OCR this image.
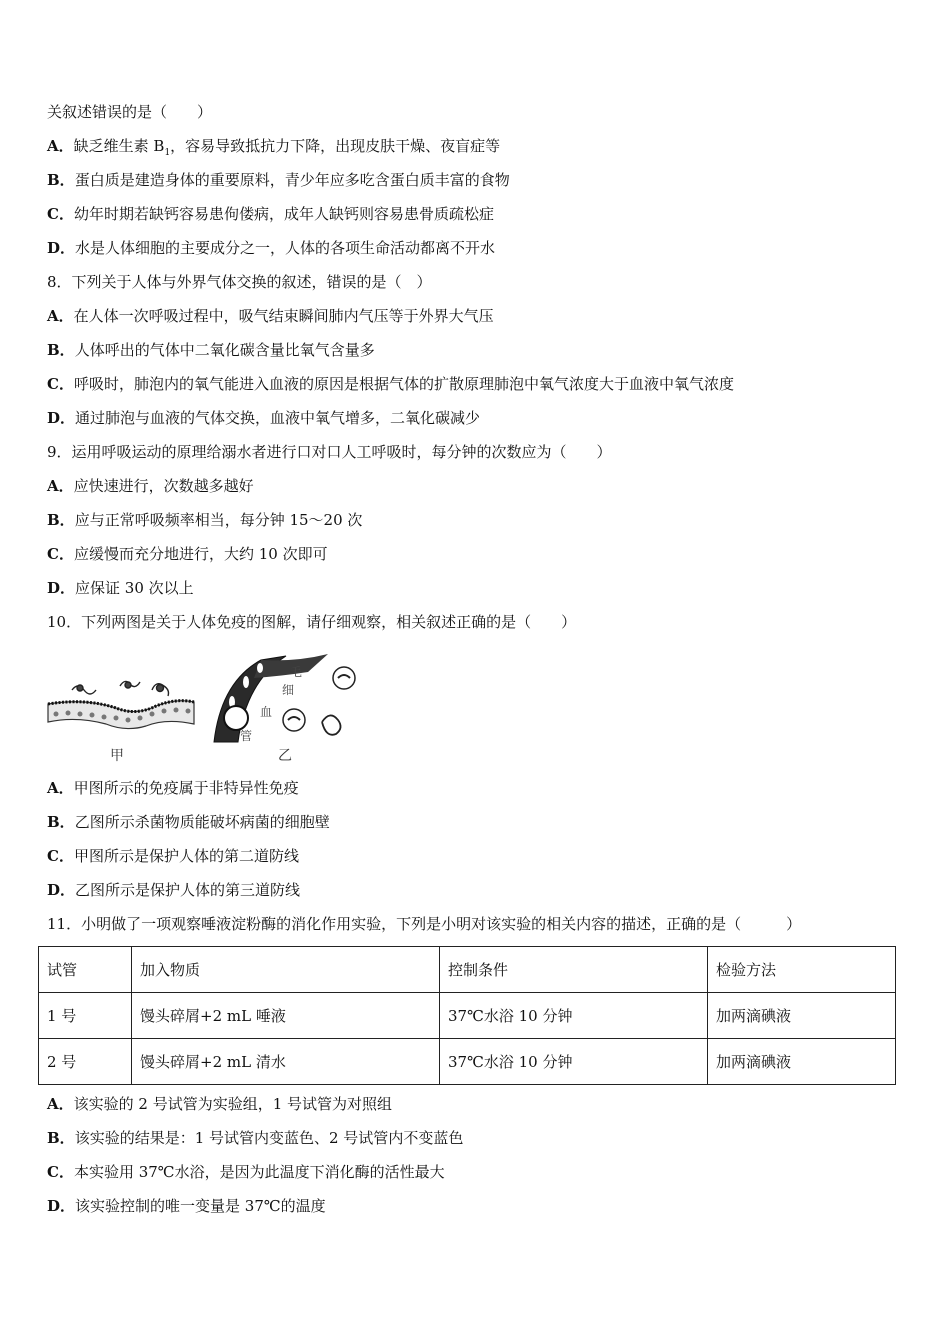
关叙述错误的是（　　）
A．缺乏维生素 $B_1$，容易导致抵抗力下降，出现皮肤干燥、夜盲症等
B．蛋白质是建造身体的重要原料，青少年应多吃含蛋白质丰富的食物
C．幼年时期若缺钙容易患佝偻病，成年人缺钙则容易患骨质疏松症
D．水是人体细胞的主要成分之一，人体的各项生命活动都离不开水
8．下列关于人体与外界气体交换的叙述，错误的是（　）
A．在人体一次呼吸过程中，吸气结束瞬间肺内气压等于外界大气压
B．人体呼出的气体中二氧化碳含量比氧气含量多
C．呼吸时，肺泡内的氧气能进入血液的原因是根据气体的扩散原理肺泡中氧气浓度大于血液中氧气浓度
D．通过肺泡与血液的气体交换，血液中氧气增多，二氧化碳减少
9．运用呼吸运动的原理给溺水者进行口对口人工呼吸时，每分钟的次数应为（　　）
A．应快速进行，次数越多越好
B．应与正常呼吸频率相当，每分钟 15～20 次
C．应缓慢而充分地进行，大约 10 次即可
D．应保证 30 次以上
10．下列两图是关于人体免疫的图解，请仔细观察，相关叙述正确的是（　　）
甲
毛
细
血
管
乙
A．甲图所示的免疫属于非特异性免疫
B．乙图所示杀菌物质能破坏病菌的细胞壁
C．甲图所示是保护人体的第二道防线
D．乙图所示是保护人体的第三道防线
11．小明做了一项观察唾液淀粉酶的消化作用实验，下列是小明对该实验的相关内容的描述，正确的是（　　　）
试管	加入物质	控制条件	检验方法
1 号	馒头碎屑+2 mL 唾液	37℃水浴 10 分钟	加两滴碘液
2 号	馒头碎屑+2 mL 清水	37℃水浴 10 分钟	加两滴碘液
A．该实验的 2 号试管为实验组，1 号试管为对照组
B．该实验的结果是：1 号试管内变蓝色、2 号试管内不变蓝色
C．本实验用 37℃水浴，是因为此温度下消化酶的活性最大
D．该实验控制的唯一变量是 37℃的温度
